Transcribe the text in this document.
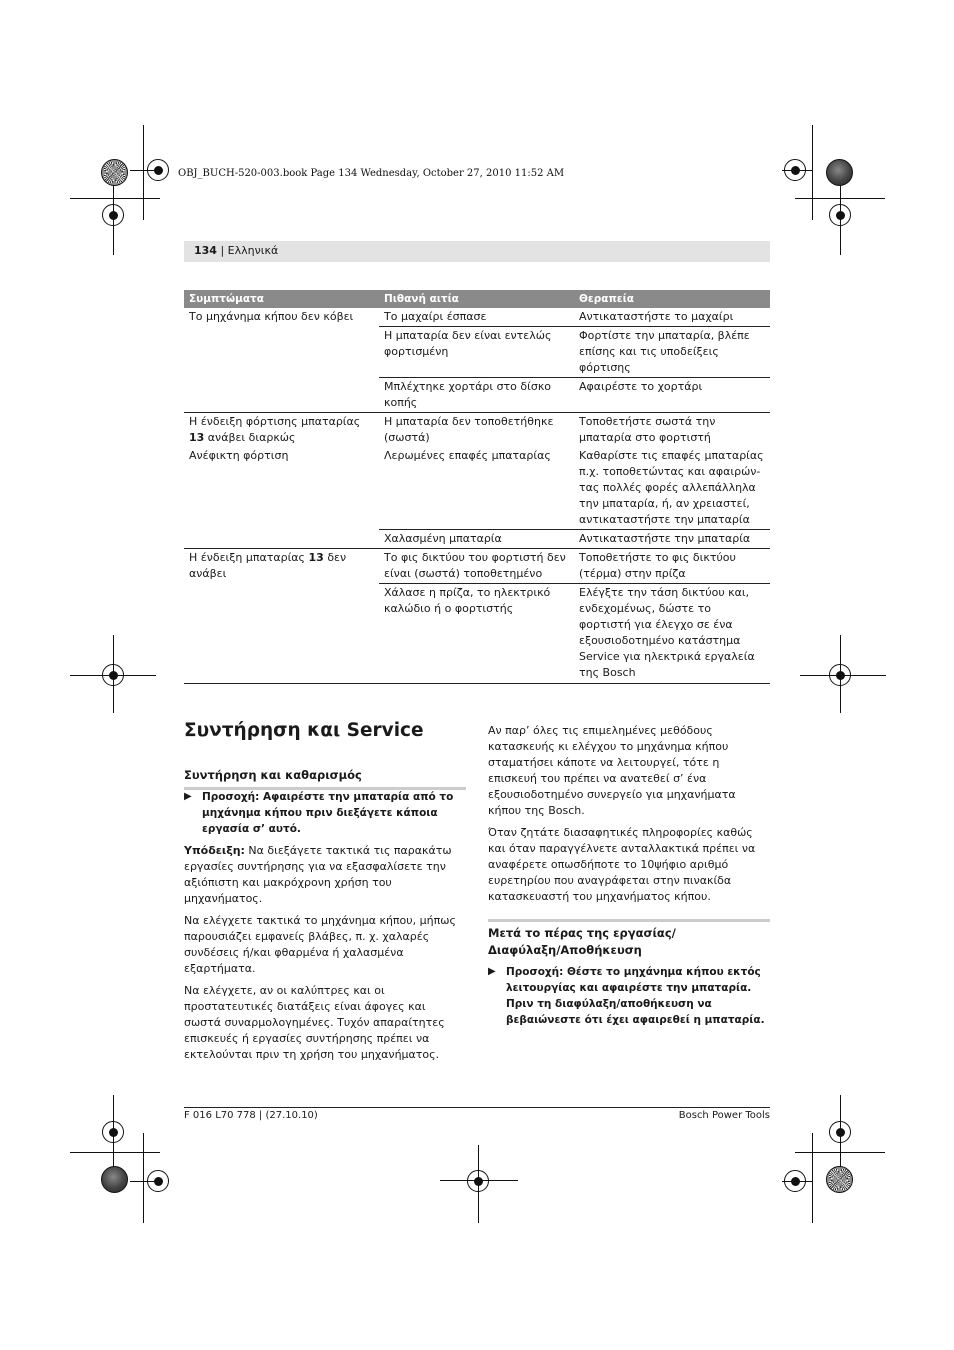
OBJ_BUCH-520-003.book Page 134 Wednesday, October 27, 2010 11:52 AM
134 | Ελληνικά
Συμπτώματα	Πιθανή αιτία	Θεραπεία
Το μηχάνημα κήπου δεν κόβει	Το μαχαίρι έσπασε	Αντικαταστήστε το μαχαίρι
	Η μπαταρία δεν είναι εντελώς φορτισμένη	Φορτίστε την μπαταρία, βλέπε επίσης και τις υποδείξεις φόρτισης
	Μπλέχτηκε χορτάρι στο δίσκο κοπής	Αφαιρέστε το χορτάρι
Η ένδειξη φόρτισης μπαταρίας 13 ανάβει διαρκώς	Η μπαταρία δεν τοποθετήθηκε (σωστά)	Τοποθετήστε σωστά την μπαταρία στο φορτιστή
Ανέφικτη φόρτιση	Λερωμένες επαφές μπαταρίας	Καθαρίστε τις επαφές μπαταρίας π.χ. τοποθετώντας και αφαιρών-τας πολλές φορές αλλεπάλληλα την μπαταρία, ή, αν χρειαστεί, αντικαταστήστε την μπαταρία
	Χαλασμένη μπαταρία	Αντικαταστήστε την μπαταρία
Η ένδειξη μπαταρίας 13 δεν ανάβει	Το φις δικτύου του φορτιστή δεν είναι (σωστά) τοποθετημένο	Τοποθετήστε το φις δικτύου (τέρμα) στην πρίζα
	Χάλασε η πρίζα, το ηλεκτρικό καλώδιο ή ο φορτιστής	Ελέγξτε την τάση δικτύου και, ενδεχομένως, δώστε το φορτιστή για έλεγχο σε ένα εξουσιοδοτημένο κατάστημα Service για ηλεκτρικά εργαλεία της Bosch
Συντήρηση και Service
Συντήρηση και καθαρισμός
▶ Προσοχή: Αφαιρέστε την μπαταρία από το μηχάνημα κήπου πριν διεξάγετε κάποια εργασία σ’ αυτό.

Υπόδειξη: Να διεξάγετε τακτικά τις παρακάτω εργασίες συντήρησης για να εξασφαλίσετε την αξιόπιστη και μακρόχρονη χρήση του μηχανήματος.

Να ελέγχετε τακτικά το μηχάνημα κήπου, μήπως παρουσιάζει εμφανείς βλάβες, π. χ. χαλαρές συνδέσεις ή/και φθαρμένα ή χαλασμένα εξαρτήματα.

Να ελέγχετε, αν οι καλύπτρες και οι προστατευτικές διατάξεις είναι άφογες και σωστά συναρμολογημένες. Τυχόν απαραίτητες επισκευές ή εργασίες συντήρησης πρέπει να εκτελούνται πριν τη χρήση του μηχανήματος.

Αν παρ’ όλες τις επιμελημένες μεθόδους κατασκευής κι ελέγχου το μηχάνημα κήπου σταματήσει κάποτε να λειτουργεί, τότε η επισκευή του πρέπει να ανατεθεί σ’ ένα εξουσιοδοτημένο συνεργείο για μηχανήματα κήπου της Bosch.

Όταν ζητάτε διασαφητικές πληροφορίες καθώς και όταν παραγγέλνετε ανταλλακτικά πρέπει να αναφέρετε οπωσδήποτε το 10ψήφιο αριθμό ευρετηρίου που αναγράφεται στην πινακίδα κατασκευαστή του μηχανήματος κήπου.

Μετά το πέρας της εργασίας/
Διαφύλαξη/Αποθήκευση
▶ Προσοχή: Θέστε το μηχάνημα κήπου εκτός λειτουργίας και αφαιρέστε την μπαταρία. Πριν τη διαφύλαξη/αποθήκευση να βεβαιώνεστε ότι έχει αφαιρεθεί η μπαταρία.
F 016 L70 778 | (27.10.10)	Bosch Power Tools
